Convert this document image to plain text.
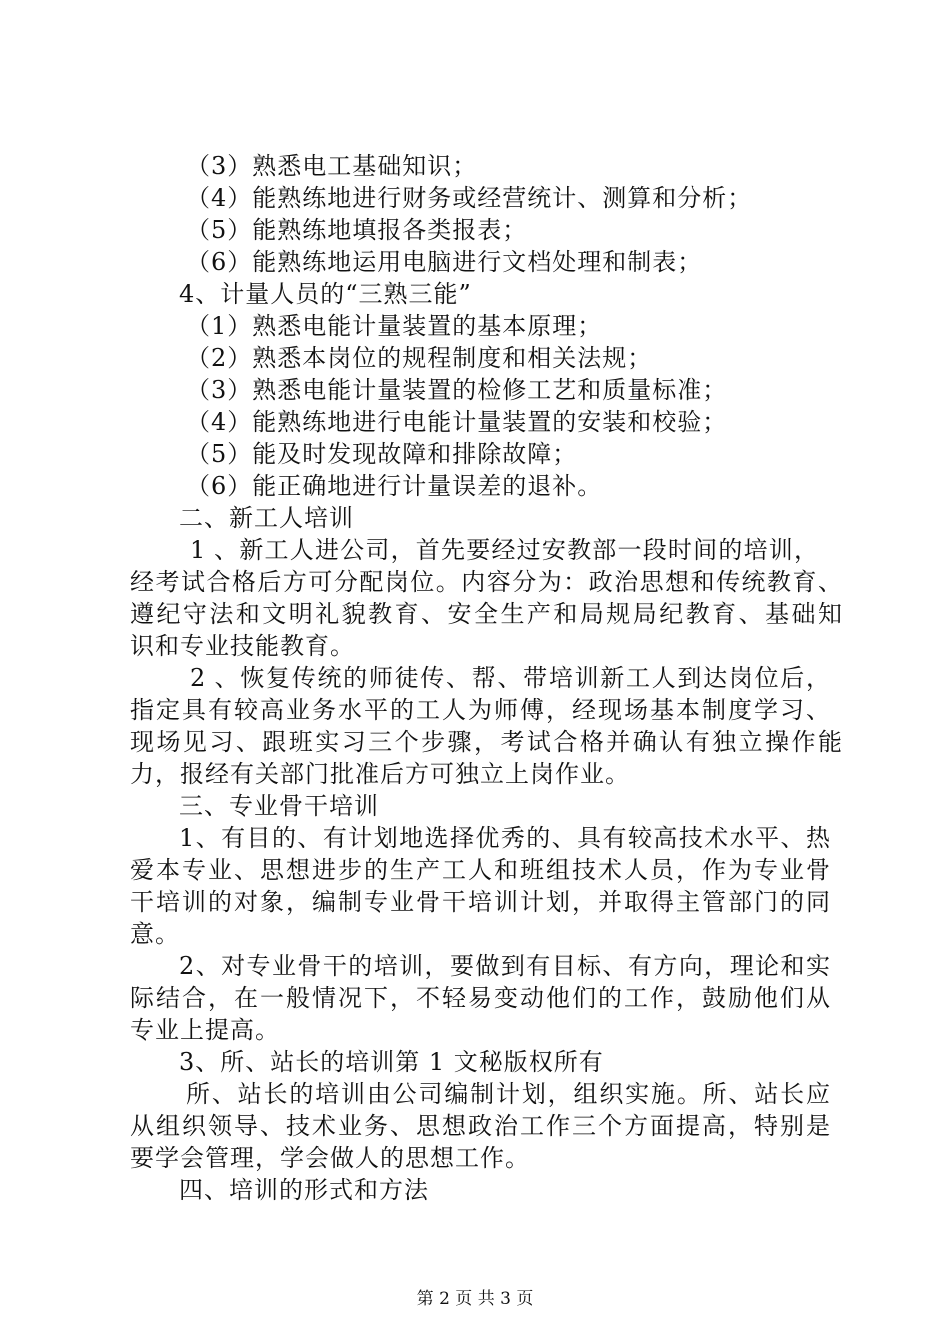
（3）熟悉电工基础知识；
（4）能熟练地进行财务或经营统计、测算和分析；
（5）能熟练地填报各类报表；
（6）能熟练地运用电脑进行文档处理和制表；
4、计量人员的“三熟三能”
（1）熟悉电能计量装置的基本原理；
（2）熟悉本岗位的规程制度和相关法规；
（3）熟悉电能计量装置的检修工艺和质量标准；
（4）能熟练地进行电能计量装置的安装和校验；
（5）能及时发现故障和排除故障；
（6）能正确地进行计量误差的退补。
二、新工人培训
1 、新工人进公司，首先要经过安教部一段时间的培训，
经考试合格后方可分配岗位。内容分为：政治思想和传统教育、
遵纪守法和文明礼貌教育、安全生产和局规局纪教育、基础知
识和专业技能教育。
2 、恢复传统的师徒传、帮、带培训新工人到达岗位后，
指定具有较高业务水平的工人为师傅，经现场基本制度学习、
现场见习、跟班实习三个步骤，考试合格并确认有独立操作能
力，报经有关部门批准后方可独立上岗作业。
三、专业骨干培训
1、有目的、有计划地选择优秀的、具有较高技术水平、热
爱本专业、思想进步的生产工人和班组技术人员，作为专业骨
干培训的对象，编制专业骨干培训计划，并取得主管部门的同
意。
2、对专业骨干的培训，要做到有目标、有方向，理论和实
际结合，在一般情况下，不轻易变动他们的工作，鼓励他们从
专业上提高。
3、所、站长的培训第 1 文秘版权所有
所、站长的培训由公司编制计划，组织实施。所、站长应
从组织领导、技术业务、思想政治工作三个方面提高，特别是
要学会管理，学会做人的思想工作。
四、培训的形式和方法
第 2 页 共 3 页
